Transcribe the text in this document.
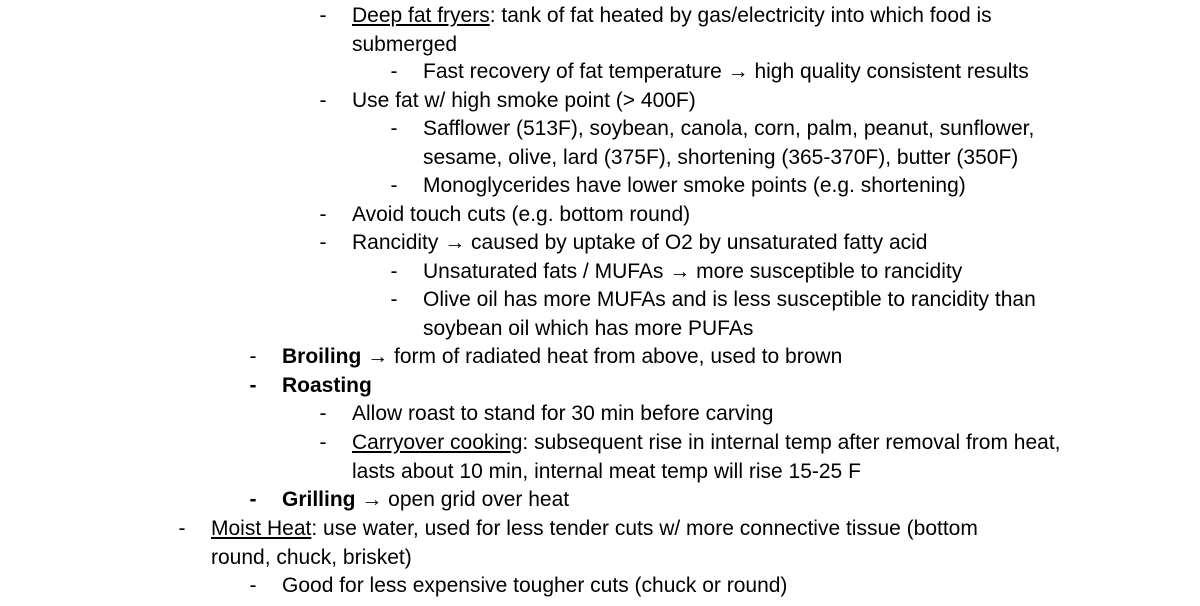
- Deep fat fryers: tank of fat heated by gas/electricity into which food is submerged
- Fast recovery of fat temperature → high quality consistent results
- Use fat w/ high smoke point (> 400F)
- Safflower (513F), soybean, canola, corn, palm, peanut, sunflower, sesame, olive, lard (375F), shortening (365-370F), butter (350F)
- Monoglycerides have lower smoke points (e.g. shortening)
- Avoid touch cuts (e.g. bottom round)
- Rancidity → caused by uptake of O2 by unsaturated fatty acid
- Unsaturated fats / MUFAs → more susceptible to rancidity
- Olive oil has more MUFAs and is less susceptible to rancidity than soybean oil which has more PUFAs
- Broiling → form of radiated heat from above, used to brown
- Roasting
- Allow roast to stand for 30 min before carving
- Carryover cooking: subsequent rise in internal temp after removal from heat, lasts about 10 min, internal meat temp will rise 15-25 F
- Grilling → open grid over heat
- Moist Heat: use water, used for less tender cuts w/ more connective tissue (bottom round, chuck, brisket)
- Good for less expensive tougher cuts (chuck or round)
